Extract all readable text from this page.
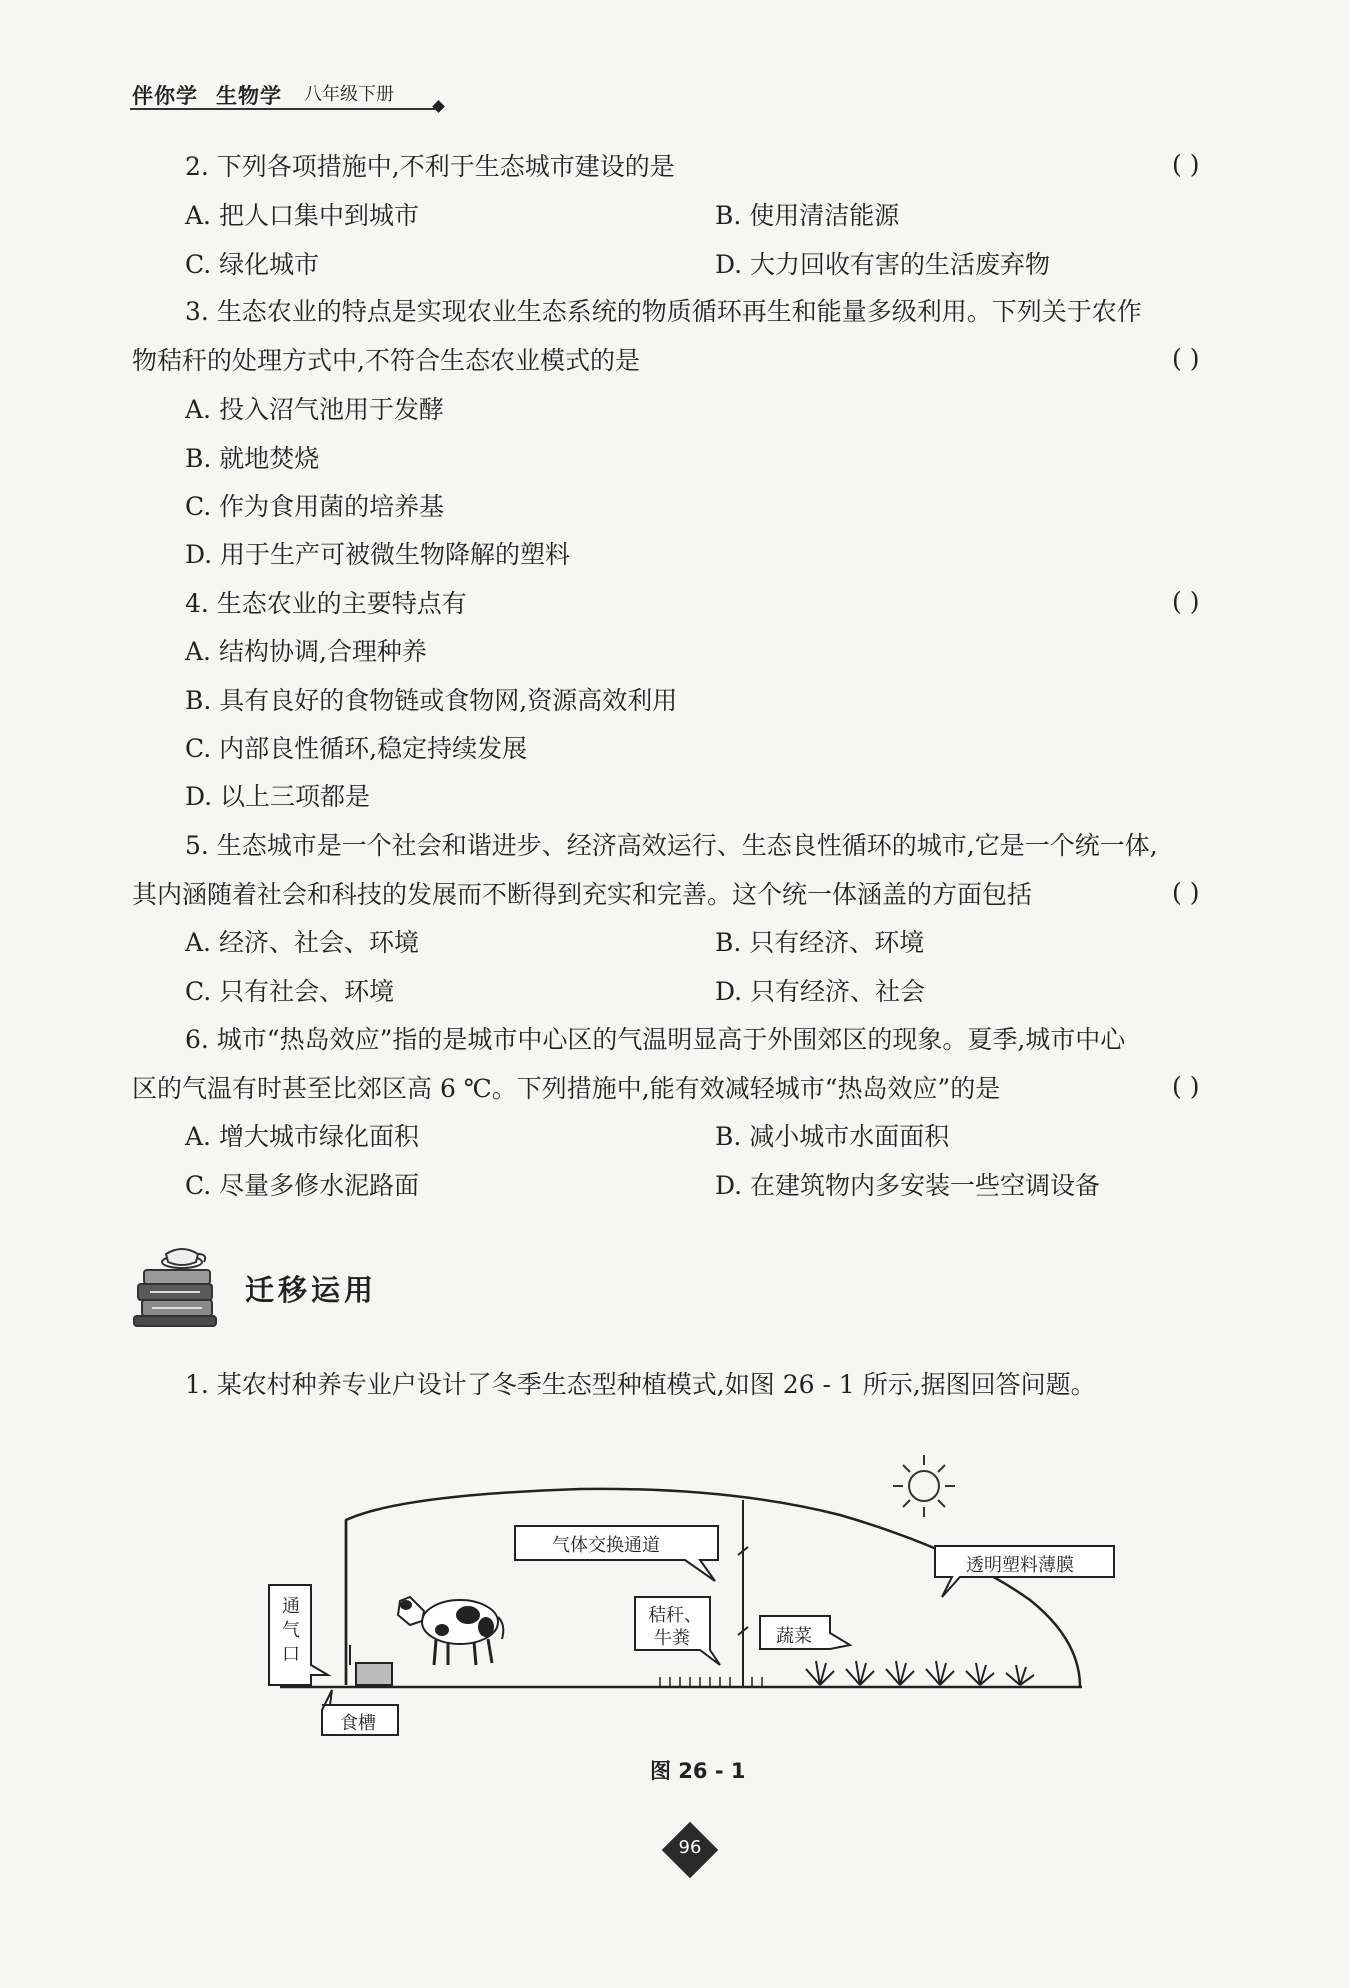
伴你学 生物学 八年级下册
2. 下列各项措施中,不利于生态城市建设的是	( )
A. 把人口集中到城市	B. 使用清洁能源
C. 绿化城市	D. 大力回收有害的生活废弃物
3. 生态农业的特点是实现农业生态系统的物质循环再生和能量多级利用。下列关于农作
物秸秆的处理方式中,不符合生态农业模式的是	( )
A. 投入沼气池用于发酵
B. 就地焚烧
C. 作为食用菌的培养基
D. 用于生产可被微生物降解的塑料
4. 生态农业的主要特点有	( )
A. 结构协调,合理种养
B. 具有良好的食物链或食物网,资源高效利用
C. 内部良性循环,稳定持续发展
D. 以上三项都是
5. 生态城市是一个社会和谐进步、经济高效运行、生态良性循环的城市,它是一个统一体,
其内涵随着社会和科技的发展而不断得到充实和完善。这个统一体涵盖的方面包括	( )
A. 经济、社会、环境	B. 只有经济、环境
C. 只有社会、环境	D. 只有经济、社会
6. 城市“热岛效应”指的是城市中心区的气温明显高于外围郊区的现象。夏季,城市中心
区的气温有时甚至比郊区高 6 ℃。下列措施中,能有效减轻城市“热岛效应”的是	( )
A. 增大城市绿化面积	B. 减小城市水面面积
C. 尽量多修水泥路面	D. 在建筑物内多安装一些空调设备
迁移运用
1. 某农村种养专业户设计了冬季生态型种植模式,如图 26 - 1 所示,据图回答问题。
气体交换通道
透明塑料薄膜
通
气
口
秸秆、
牛粪	蔬菜
食槽
图 26 - 1
96
